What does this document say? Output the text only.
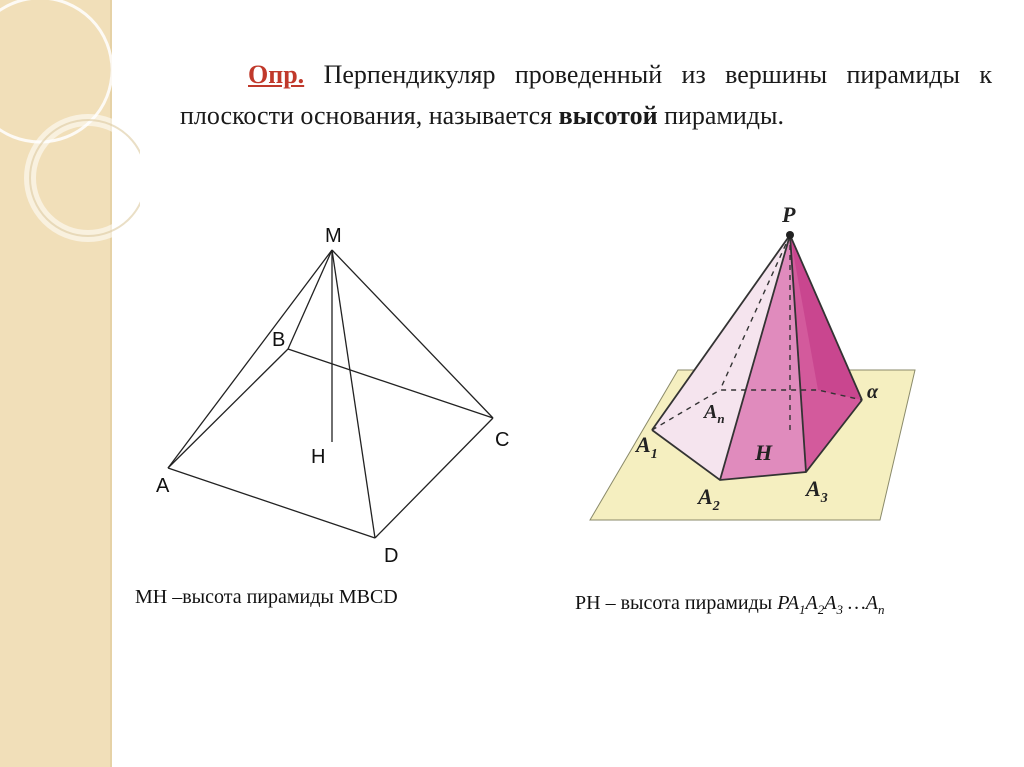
Опр. Перпендикуляр проведенный из вершины пирамиды к плоскости основания, называется высотой пирамиды.
M
B
C
H
A
D
MH –высота пирамиды MBCD
P
α
$A_n$
$A_1$	H
$A_2$
$A_3$
PH – высота пирамиды $PA_1A_2A_3$ $\dots A_n$
